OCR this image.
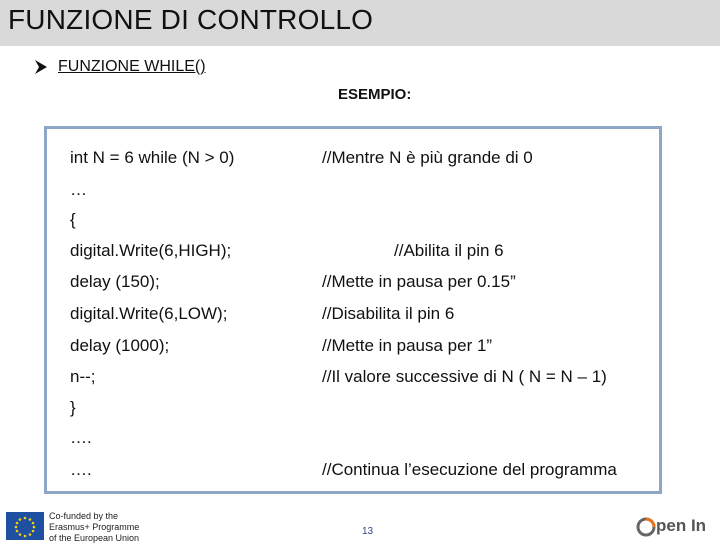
FUNZIONE DI CONTROLLO
FUNZIONE WHILE()
ESEMPIO:
int N = 6 while (N > 0)	//Mentre N è più grande di 0
…
{
digital.Write(6,HIGH);	//Abilita il pin 6
delay (150);	//Mette in pausa per 0.15”
digital.Write(6,LOW);	//Disabilita il pin 6
delay (1000);	//Mette in pausa per 1”
n--;	//Il valore successive di N ( N = N – 1)
}
….
….	//Continua l’esecuzione del programma
Co-funded by the
Erasmus+ Programme
of the European Union
13	pen In
